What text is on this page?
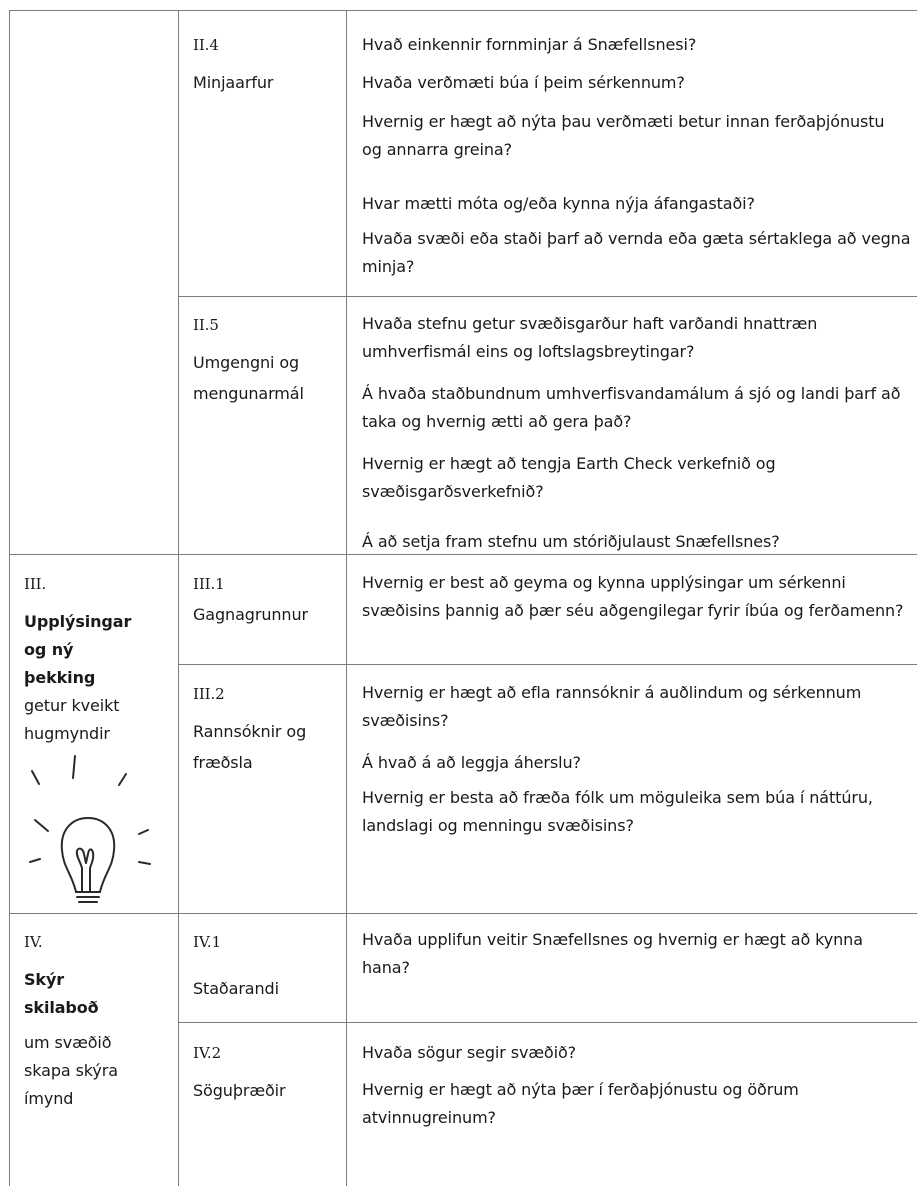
II.4
Minjaarfur
Hvað einkennir fornminjar á Snæfellsnesi?
Hvaða verðmæti búa í þeim sérkennum?
Hvernig er hægt að nýta þau verðmæti betur innan ferðaþjónustu og annarra greina?
Hvar mætti móta og/eða kynna nýja áfangastaði?
Hvaða svæði eða staði þarf að vernda eða gæta sértaklega að vegna minja?
II.5
Umgengni og
mengunarmál
Hvaða stefnu getur svæðisgarður haft varðandi hnattræn umhverfismál eins og loftslagsbreytingar?
Á hvaða staðbundnum umhverfisvandamálum á sjó og landi þarf að taka og hvernig ætti að gera það?
Hvernig er hægt að tengja Earth Check verkefnið og svæðisgarðsverkefnið?
Á að setja fram stefnu um stóriðjulaust Snæfellsnes?
III.
Upplýsingar
og ný
þekking
getur kveikt
hugmyndir
III.1
Gagnagrunnur
Hvernig er best að geyma og kynna upplýsingar um sérkenni svæðisins þannig að þær séu aðgengilegar fyrir íbúa og ferðamenn?
III.2
Rannsóknir og
fræðsla
Hvernig er hægt að efla rannsóknir á auðlindum og sérkennum svæðisins?
Á hvað á að leggja áherslu?
Hvernig er besta að fræða fólk um möguleika sem búa í náttúru, landslagi og menningu svæðisins?
IV.
Skýr
skilaboð
um svæðið
skapa skýra
ímynd
IV.1
Staðarandi
Hvaða upplifun veitir Snæfellsnes og hvernig er hægt að kynna hana?
IV.2
Söguþræðir
Hvaða sögur segir svæðið?
Hvernig er hægt að nýta þær í ferðaþjónustu og öðrum atvinnugreinum?
